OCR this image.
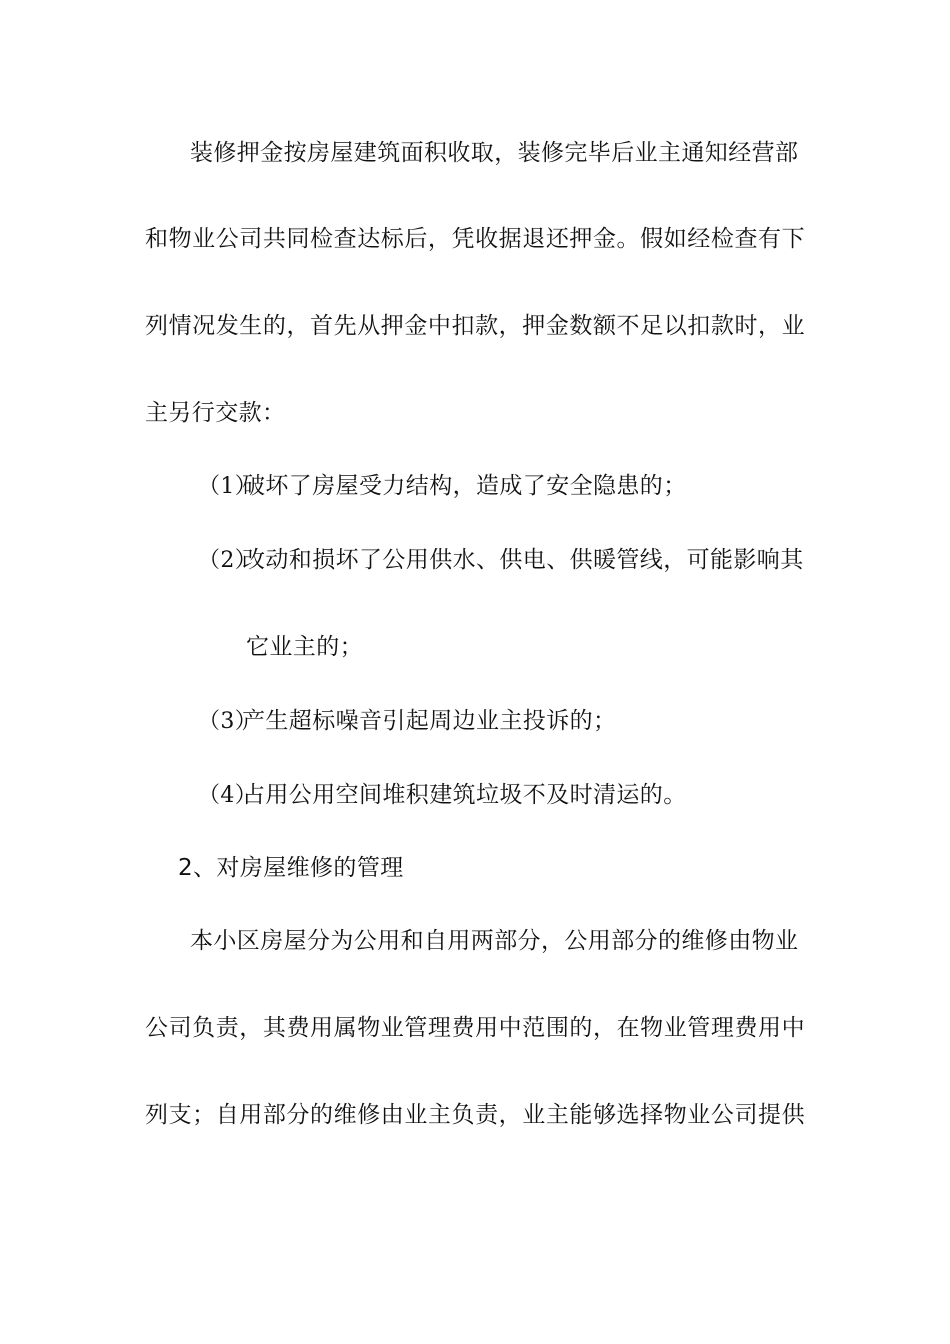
装修押金按房屋建筑面积收取，装修完毕后业主通知经营部
和物业公司共同检查达标后，凭收据退还押金。假如经检查有下
列情况发生的，首先从押金中扣款，押金数额不足以扣款时，业
主另行交款：
（1）破坏了房屋受力结构，造成了安全隐患的；
（2）改动和损坏了公用供水、供电、供暖管线，可能影响其
它业主的；
（3）产生超标噪音引起周边业主投诉的；
（4）占用公用空间堆积建筑垃圾不及时清运的。
2、对房屋维修的管理
本小区房屋分为公用和自用两部分，公用部分的维修由物业
公司负责，其费用属物业管理费用中范围的，在物业管理费用中
列支；自用部分的维修由业主负责，业主能够选择物业公司提供
